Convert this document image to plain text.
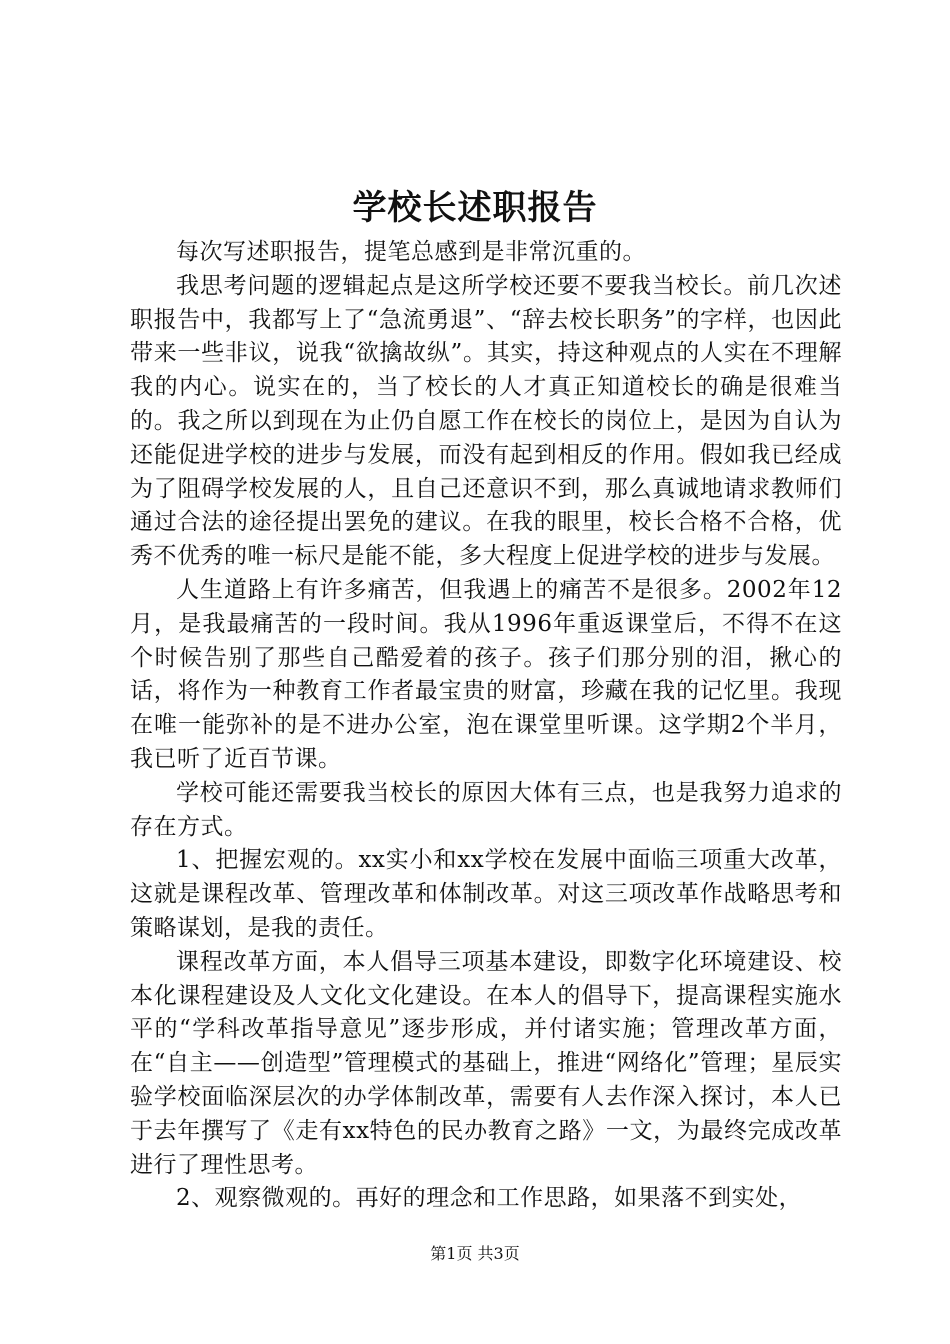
学校长述职报告

每次写述职报告，提笔总感到是非常沉重的。

我思考问题的逻辑起点是这所学校还要不要我当校长。前几次述职报告中，我都写上了“急流勇退”、“辞去校长职务”的字样，也因此带来一些非议，说我“欲擒故纵”。其实，持这种观点的人实在不理解我的内心。说实在的，当了校长的人才真正知道校长的确是很难当的。我之所以到现在为止仍自愿工作在校长的岗位上，是因为自认为还能促进学校的进步与发展，而没有起到相反的作用。假如我已经成为了阻碍学校发展的人，且自己还意识不到，那么真诚地请求教师们通过合法的途径提出罢免的建议。在我的眼里，校长合格不合格，优秀不优秀的唯一标尺是能不能，多大程度上促进学校的进步与发展。

人生道路上有许多痛苦，但我遇上的痛苦不是很多。2002年12月，是我最痛苦的一段时间。我从1996年重返课堂后，不得不在这个时候告别了那些自己酷爱着的孩子。孩子们那分别的泪，揪心的话，将作为一种教育工作者最宝贵的财富，珍藏在我的记忆里。我现在唯一能弥补的是不进办公室，泡在课堂里听课。这学期2个半月，我已听了近百节课。

学校可能还需要我当校长的原因大体有三点，也是我努力追求的存在方式。

1、把握宏观的。xx实小和xx学校在发展中面临三项重大改革，这就是课程改革、管理改革和体制改革。对这三项改革作战略思考和策略谋划，是我的责任。

课程改革方面，本人倡导三项基本建设，即数字化环境建设、校本化课程建设及人文化文化建设。在本人的倡导下，提高课程实施水平的“学科改革指导意见”逐步形成，并付诸实施；管理改革方面，在“自主——创造型”管理模式的基础上，推进“网络化”管理；星辰实验学校面临深层次的办学体制改革，需要有人去作深入探讨，本人已于去年撰写了《走有xx特色的民办教育之路》一文，为最终完成改革进行了理性思考。

2、观察微观的。再好的理念和工作思路，如果落不到实处，

第1页 共3页
